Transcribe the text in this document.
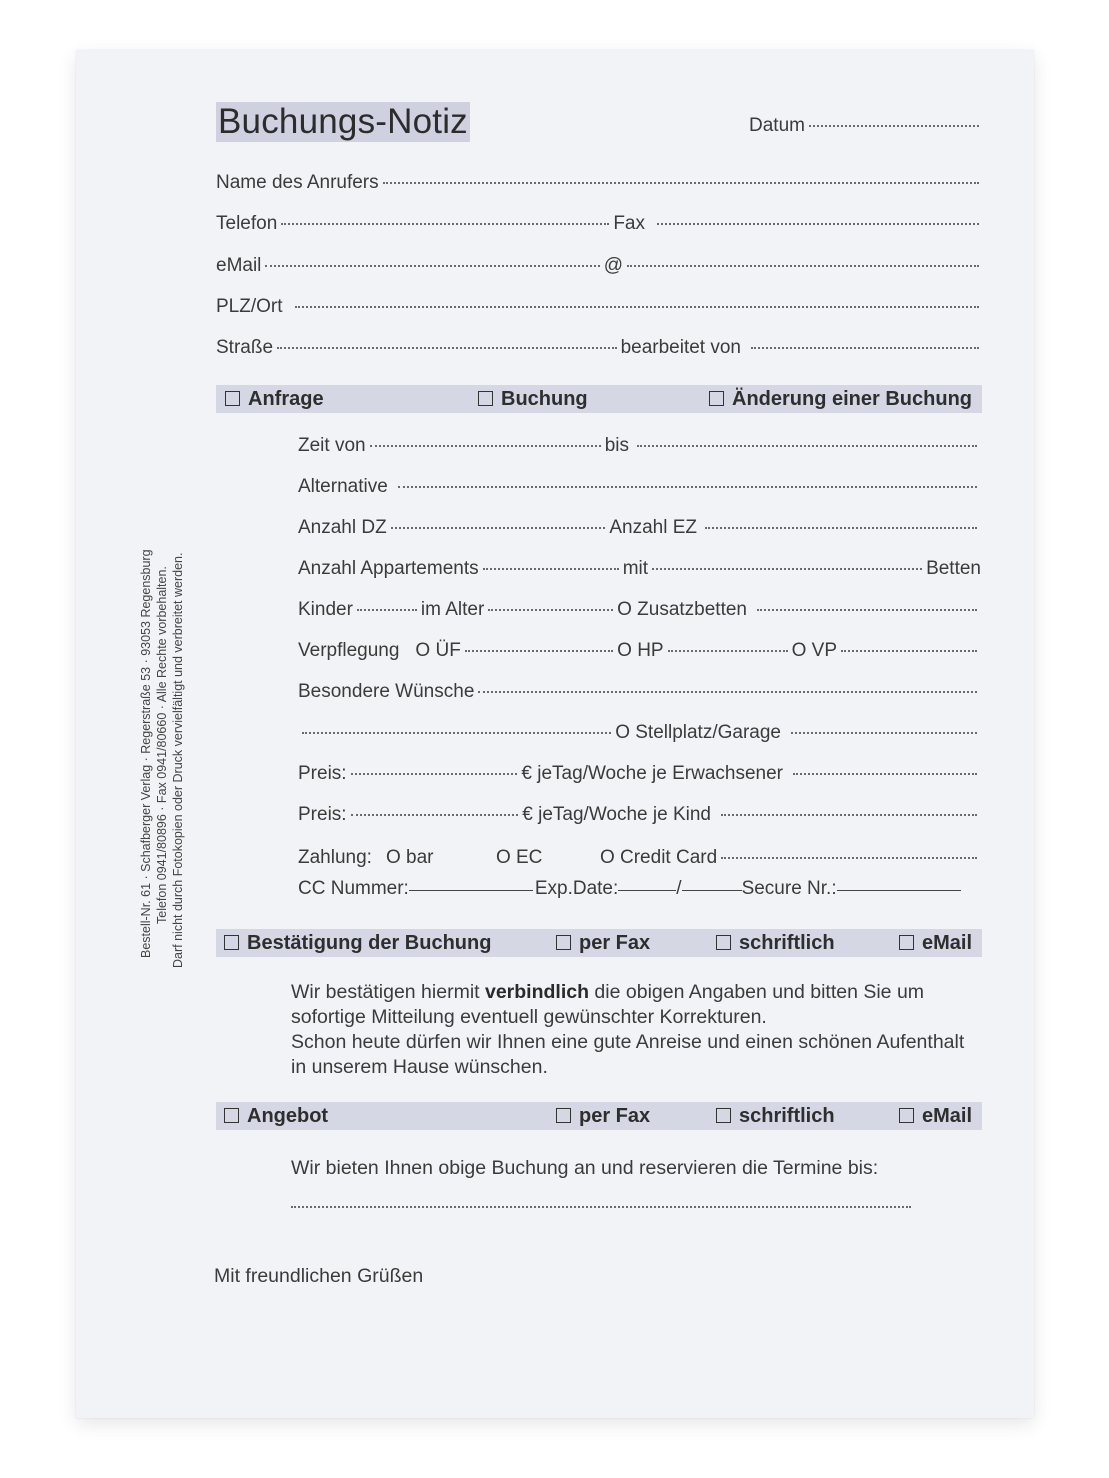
Buchungs-Notiz	Datum
Name des Anrufers
Telefon	Fax
eMail	@
PLZ/Ort
Straße	bearbeitet von
Anfrage	Buchung	Änderung einer Buchung
Zeit von	bis
Alternative
Anzahl DZ	Anzahl EZ
Anzahl Appartements	mit	Betten
Kinder	im Alter	O Zusatzbetten
Verpflegung O ÜF	O HP	O VP
Besondere Wünsche
O Stellplatz/Garage
Preis:	€ jeTag/Woche je Erwachsener
Preis:	€ jeTag/Woche je Kind
Zahlung: O bar	O EC	O Credit Card
CC Nummer:	Exp.Date:	/	Secure Nr.:
Bestätigung der Buchung	per Fax	schriftlich	eMail
Wir bestätigen hiermit verbindlich die obigen Angaben und bitten Sie um sofortige Mitteilung eventuell gewünschter Korrekturen.
Schon heute dürfen wir Ihnen eine gute Anreise und einen schönen Aufenthalt in unserem Hause wünschen.
Angebot	per Fax	schriftlich	eMail
Wir bieten Ihnen obige Buchung an und reservieren die Termine bis:
Mit freundlichen Grüßen
Bestell-Nr. 61 · Schafberger Verlag · Regerstraße 53 · 93053 Regensburg Telefon 0941/80896 · Fax 0941/80660 · Alle Rechte vorbehalten. Darf nicht durch Fotokopien oder Druck vervielfältigt und verbreitet werden.
